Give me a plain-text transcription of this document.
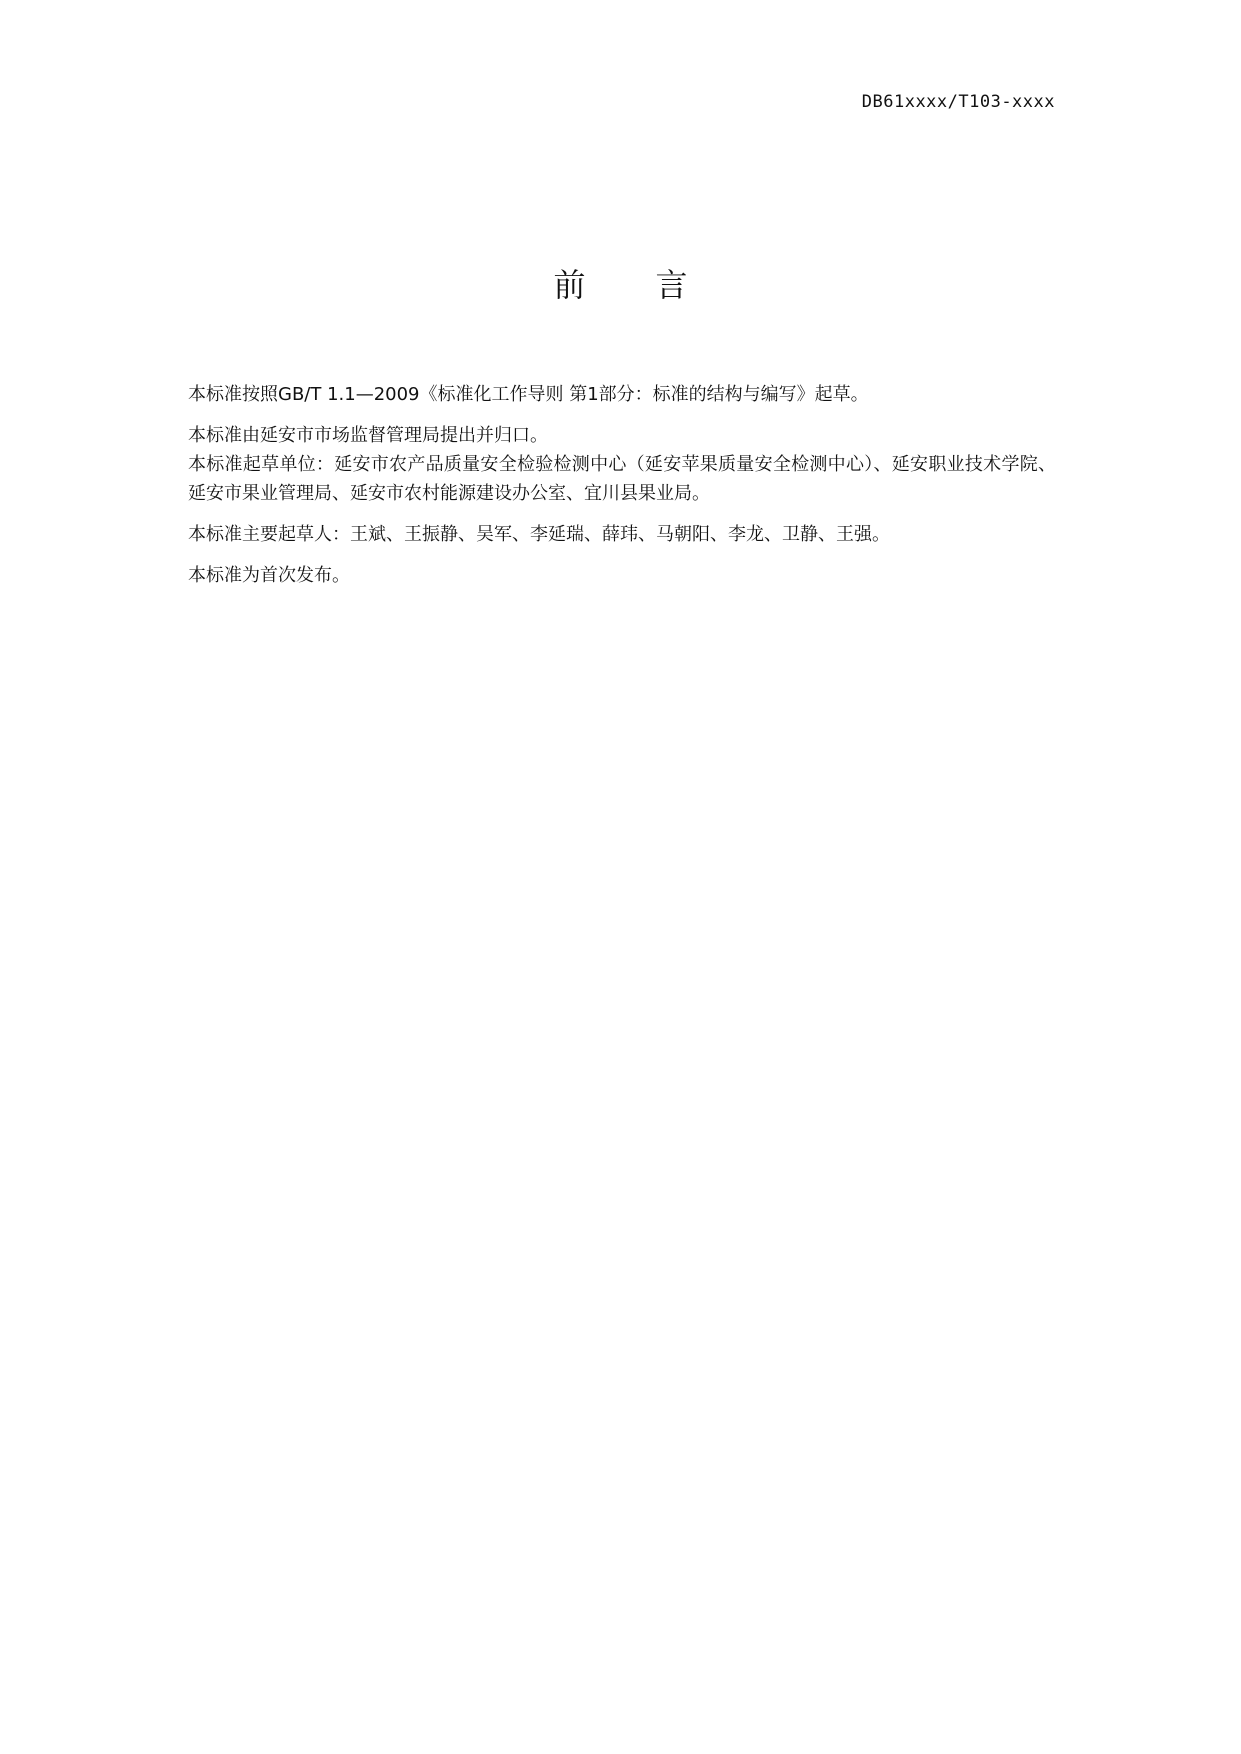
DB61xxxx/T103-xxxx
前 言

本标准按照GB/T 1.1—2009《标准化工作导则 第1部分：标准的结构与编写》起草。

本标准由延安市市场监督管理局提出并归口。

本标准起草单位：延安市农产品质量安全检验检测中心（延安苹果质量安全检测中心）、延安职业技术学院、延安市果业管理局、延安市农村能源建设办公室、宜川县果业局。

本标准主要起草人：王斌、王振静、吴军、李延瑞、薛玮、马朝阳、李龙、卫静、王强。

本标准为首次发布。
